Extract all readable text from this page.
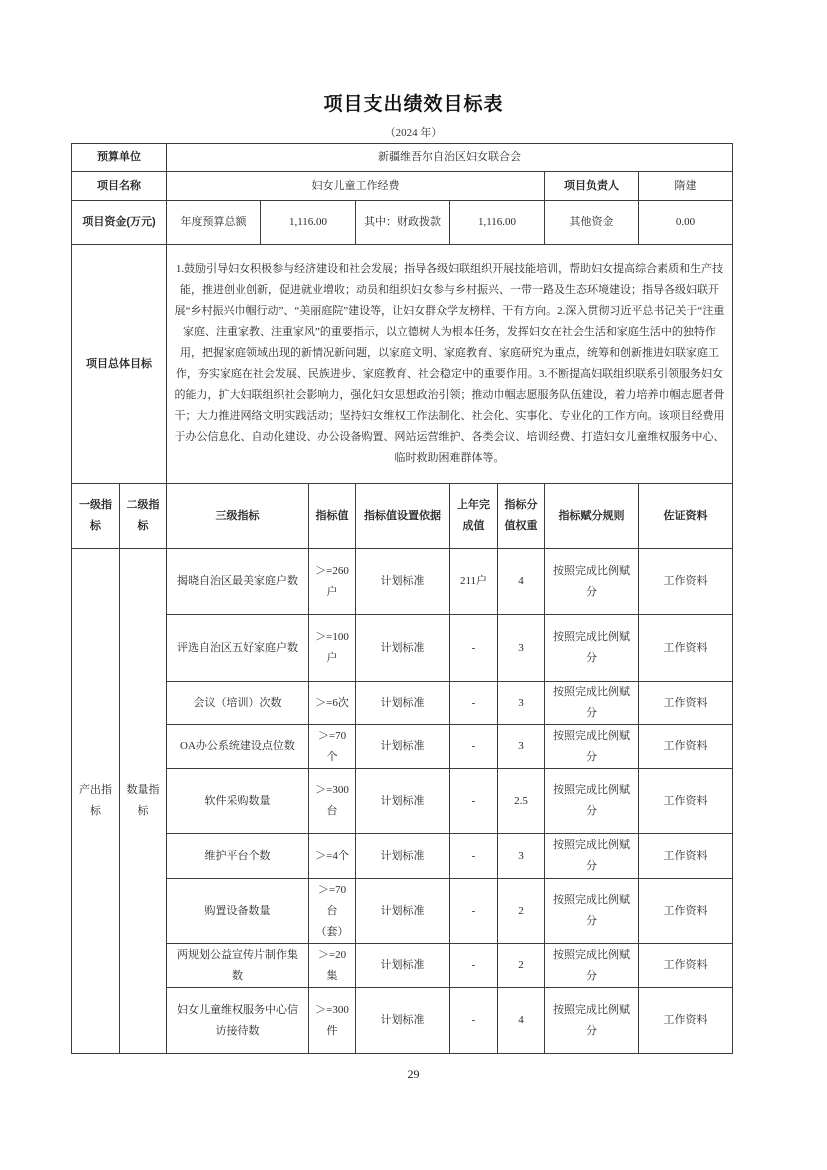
项目支出绩效目标表
（2024 年）
预算单位		新疆维吾尔自治区妇女联合会							
项目名称		妇女儿童工作经费						项目负责人	隋建
项目资金(万元)		年度预算总额	1,116.00		其中：财政拨款	1,116.00		其他资金	0.00
项目总体目标		1.鼓励引导妇女积极参与经济建设和社会发展；指导各级妇联组织开展技能培训，帮助妇女提高综合素质和生产技能，推进创业创新，促进就业增收；动员和组织妇女参与乡村振兴、一带一路及生态环境建设；指导各级妇联开展“乡村振兴巾帼行动”、“美丽庭院”建设等，让妇女群众学友榜样、干有方向。2.深入贯彻习近平总书记关于“注重家庭、注重家教、注重家风”的重要指示，以立德树人为根本任务，发挥妇女在社会生活和家庭生活中的独特作用，把握家庭领域出现的新情况新问题，以家庭文明、家庭教育、家庭研究为重点，统筹和创新推进妇联家庭工作，夯实家庭在社会发展、民族进步、家庭教育、社会稳定中的重要作用。3.不断提高妇联组织联系引领服务妇女的能力，扩大妇联组织社会影响力，强化妇女思想政治引领；推动巾帼志愿服务队伍建设，着力培养巾帼志愿者骨干；大力推进网络文明实践活动；坚持妇女维权工作法制化、社会化、实事化、专业化的工作方向。该项目经费用于办公信息化、自动化建设、办公设备购置、网站运营维护、各类会议、培训经费、打造妇女儿童维权服务中心、临时救助困难群体等。							
一级指标	二级指标	三级指标		指标值	指标值设置依据	上年完成值	指标分值权重	指标赋分规则	佐证资料
产出指标	数量指标	揭晓自治区最美家庭户数		＞=260户	计划标准	211户	4	按照完成比例赋分	工作资料
		评选自治区五好家庭户数		＞=100户	计划标准	-	3	按照完成比例赋分	工作资料
		会议（培训）次数		＞=6次	计划标准	-	3	按照完成比例赋分	工作资料
		OA办公系统建设点位数		＞=70个	计划标准	-	3	按照完成比例赋分	工作资料
		软件采购数量		＞=300台	计划标准	-	2.5	按照完成比例赋分	工作资料
		维护平台个数		＞=4个	计划标准	-	3	按照完成比例赋分	工作资料
		购置设备数量		＞=70台（套）	计划标准	-	2	按照完成比例赋分	工作资料
		两规划公益宣传片制作集数		＞=20集	计划标准	-	2	按照完成比例赋分	工作资料
		妇女儿童维权服务中心信访接待数		＞=300件	计划标准	-	4	按照完成比例赋分	工作资料
29
